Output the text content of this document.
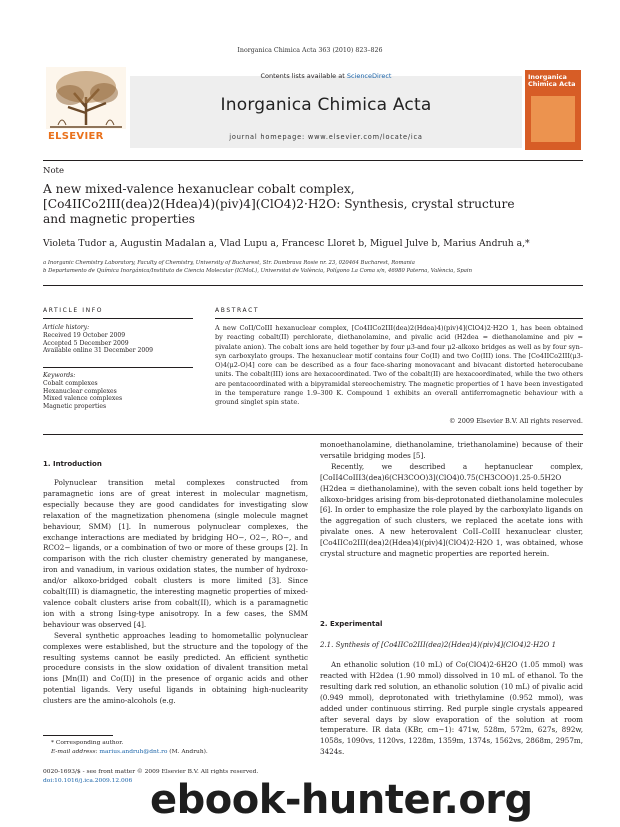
Inorganica Chimica Acta 363 (2010) 823–826
ELSEVIER
Contents lists available at ScienceDirect
Inorganica Chimica Acta
journal homepage: www.elsevier.com/locate/ica
Inorganica Chimica Acta
Note
A new mixed-valence hexanuclear cobalt complex,
[Co4IICo2III(dea)2(Hdea)4)(piv)4](ClO4)2·H2O: Synthesis, crystal structure
and magnetic properties
Violeta Tudor a, Augustin Madalan a, Vlad Lupu a, Francesc Lloret b, Miguel Julve b, Marius Andruh a,*
a Inorganic Chemistry Laboratory, Faculty of Chemistry, University of Bucharest, Str. Dumbrava Rosie nr. 23, 020464 Bucharest, Romania
b Departamento de Química Inorgánica/Instituto de Ciencia Molecular (ICMoL), Universitat de València, Polígono La Coma s/n, 46980 Paterna, València, Spain
ARTICLE INFO
Article history:
Received 19 October 2009
Accepted 5 December 2009
Available online 31 December 2009
Keywords:
Cobalt complexes
Hexanuclear complexes
Mixed valence complexes
Magnetic properties
ABSTRACT
A new CoII/CoIII hexanuclear complex, [Co4IICo2III(dea)2(Hdea)4)(piv)4](ClO4)2·H2O 1, has been obtained by reacting cobalt(II) perchlorate, diethanolamine, and pivalic acid (H2dea = diethanolamine and piv = pivalate anion). The cobalt ions are held together by four μ3-and four μ2-alkoxo bridges as well as by four syn–syn carboxylato groups. The hexanuclear motif contains four Co(II) and two Co(III) ions. The [Co4IICo2III(μ3-O)4(μ2-O)4] core can be described as a four face-sharing monovacant and bivacant distorted heterocubane units. The cobalt(III) ions are hexacoordinated. Two of the cobalt(II) are hexacoordinated, while the two others are pentacoordinated with a bipyramidal stereochemistry. The magnetic properties of 1 have been investigated in the temperature range 1.9–300 K. Compound 1 exhibits an overall antiferromagnetic behaviour with a ground singlet spin state.
© 2009 Elsevier B.V. All rights reserved.
1. Introduction

Polynuclear transition metal complexes constructed from paramagnetic ions are of great interest in molecular magnetism, especially because they are good candidates for investigating slow relaxation of the magnetization phenomena (single molecule magnet behaviour, SMM) [1]. In numerous polynuclear complexes, the exchange interactions are mediated by bridging HO−, O2−, RO−, and RCO2− ligands, or a combination of two or more of these groups [2]. In comparison with the rich cluster chemistry generated by manganese, iron and vanadium, in various oxidation states, the number of hydroxo- and/or alkoxo-bridged cobalt clusters is more limited [3]. Since cobalt(III) is diamagnetic, the interesting magnetic properties of mixed-valence cobalt clusters arise from cobalt(II), which is a paramagnetic ion with a strong Ising-type anisotropy. In a few cases, the SMM behaviour was observed [4].

Several synthetic approaches leading to homometallic polynuclear complexes were established, but the structure and the topology of the resulting systems cannot be easily predicted. An efficient synthetic procedure consists in the slow oxidation of divalent transition metal ions [Mn(II) and Co(II)] in the presence of organic acids and other potential ligands. Very useful ligands in obtaining high-nuclearity clusters are the amino-alcohols (e.g.

monoethanolamine, diethanolamine, triethanolamine) because of their versatile bridging modes [5].

Recently, we described a heptanuclear complex, [CoII4CoIII3(dea)6(CH3COO)3](ClO4)0.75(CH3COO)1.25·0.5H2O (H2dea = diethanolamine), with the seven cobalt ions held together by alkoxo-bridges arising from bis-deprotonated diethanolamine molecules [6]. In order to emphasize the role played by the carboxylato ligands on the aggregation of such clusters, we replaced the acetate ions with pivalate ones. A new heterovalent CoII–CoIII hexanuclear cluster, [Co4IICo2III(dea)2(Hdea)4)(piv)4](ClO4)2·H2O 1, was obtained, whose crystal structure and magnetic properties are reported herein.

2. Experimental
2.1. Synthesis of [Co4IICo2III(dea)2(Hdea)4)(piv)4](ClO4)2·H2O 1

An ethanolic solution (10 mL) of Co(ClO4)2·6H2O (1.05 mmol) was reacted with H2dea (1.90 mmol) dissolved in 10 mL of ethanol. To the resulting dark red solution, an ethanolic solution (10 mL) of pivalic acid (0.949 mmol), deprotonated with triethylamine (0.952 mmol), was added under continuous stirring. Red purple single crystals appeared after several days by slow evaporation of the solution at room temperature. IR data (KBr, cm−1): 471w, 528m, 572m, 627s, 892w, 1058s, 1090vs, 1120vs, 1228m, 1359m, 1374s, 1562vs, 2868m, 2957m, 3424s.

* Corresponding author.
E-mail address: marius.andruh@dnt.ro (M. Andruh).
0020-1693/$ - see front matter © 2009 Elsevier B.V. All rights reserved.
doi:10.1016/j.ica.2009.12.006 ebook-hunter.org
